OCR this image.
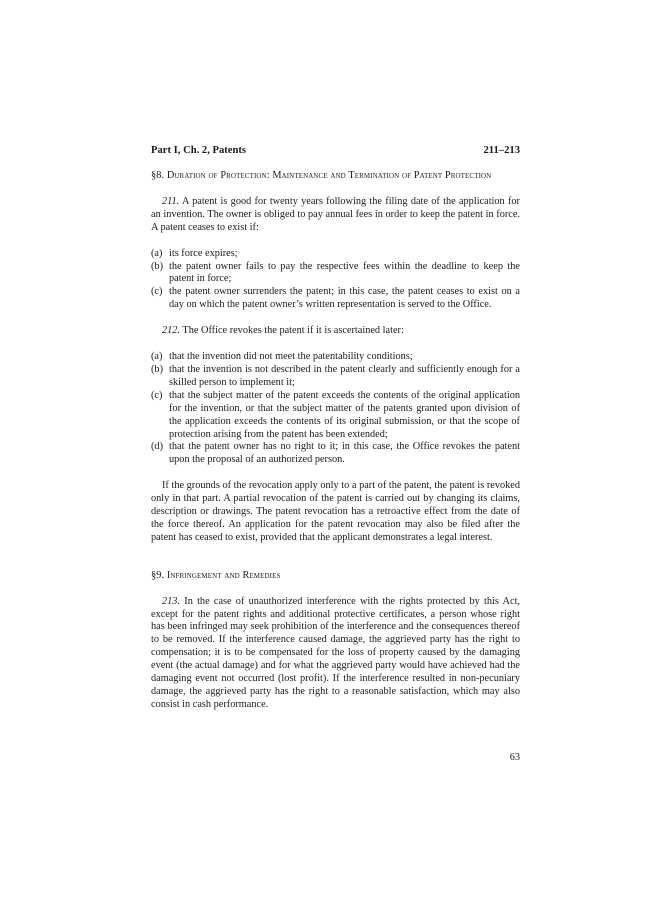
Part I, Ch. 2, Patents	211–213
§8. Duration of Protection: Maintenance and Termination of Patent Protection

211. A patent is good for twenty years following the filing date of the application for an invention. The owner is obliged to pay annual fees in order to keep the patent in force. A patent ceases to exist if:

(a) its force expires;
(b) the patent owner fails to pay the respective fees within the deadline to keep the patent in force;
(c) the patent owner surrenders the patent; in this case, the patent ceases to exist on a day on which the patent owner’s written representation is served to the Office.

212. The Office revokes the patent if it is ascertained later:

(a) that the invention did not meet the patentability conditions;
(b) that the invention is not described in the patent clearly and sufficiently enough for a skilled person to implement it;
(c) that the subject matter of the patent exceeds the contents of the original application for the invention, or that the subject matter of the patents granted upon division of the application exceeds the contents of its original submission, or that the scope of protection arising from the patent has been extended;
(d) that the patent owner has no right to it; in this case, the Office revokes the patent upon the proposal of an authorized person.

If the grounds of the revocation apply only to a part of the patent, the patent is revoked only in that part. A partial revocation of the patent is carried out by changing its claims, description or drawings. The patent revocation has a retroactive effect from the date of the force thereof. An application for the patent revocation may also be filed after the patent has ceased to exist, provided that the applicant demonstrates a legal interest.

§9. Infringement and Remedies

213. In the case of unauthorized interference with the rights protected by this Act, except for the patent rights and additional protective certificates, a person whose right has been infringed may seek prohibition of the interference and the consequences thereof to be removed. If the interference caused damage, the aggrieved party has the right to compensation; it is to be compensated for the loss of property caused by the damaging event (the actual damage) and for what the aggrieved party would have achieved had the damaging event not occurred (lost profit). If the interference resulted in non-pecuniary damage, the aggrieved party has the right to a reasonable satisfaction, which may also consist in cash performance.

63
